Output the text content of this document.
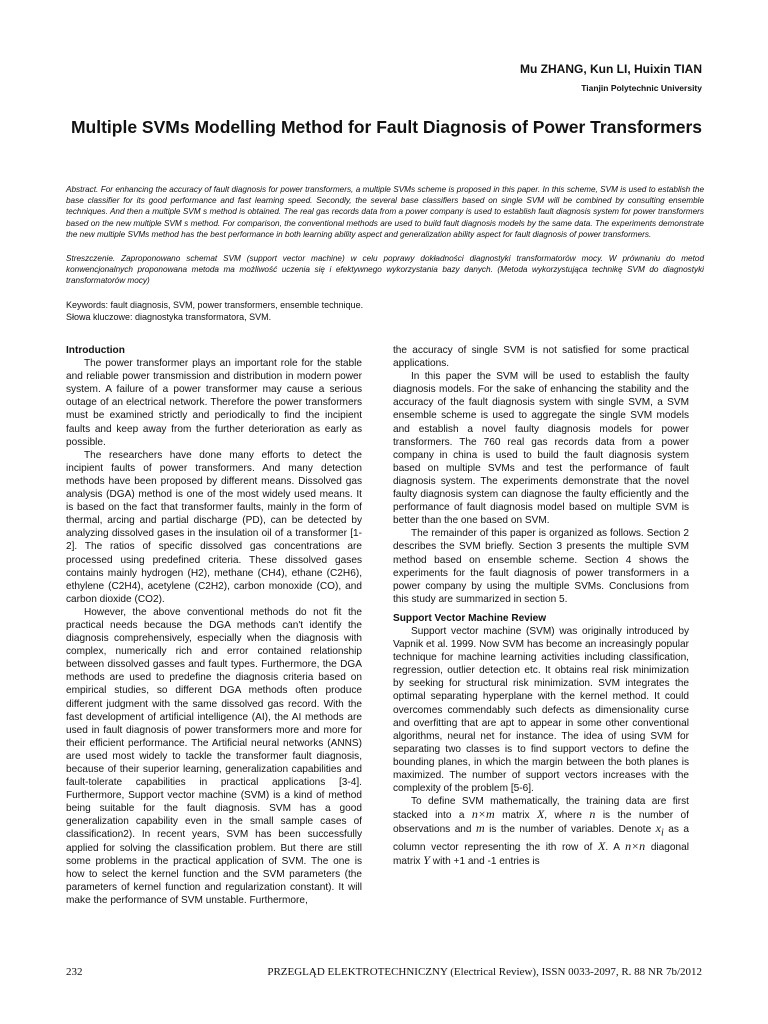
Mu ZHANG, Kun LI, Huixin TIAN
Tianjin Polytechnic University
Multiple SVMs Modelling Method for Fault Diagnosis of Power Transformers
Abstract. For enhancing the accuracy of fault diagnosis for power transformers, a multiple SVMs scheme is proposed in this paper. In this scheme, SVM is used to establish the base classifier for its good performance and fast learning speed. Secondly, the several base classifiers based on single SVM will be combined by consulting ensemble techniques. And then a multiple SVM s method is obtained. The real gas records data from a power company is used to establish fault diagnosis system for power transformers based on the new multiple SVM s method. For comparison, the conventional methods are used to build fault diagnosis models by the same data. The experiments demonstrate the new multiple SVMs method has the best performance in both learning ability aspect and generalization ability aspect for fault diagnosis of power transformers.
Streszczenie. Zaproponowano schemat SVM (support vector machine) w celu poprawy dokładności diagnostyki transformatorów mocy. W prównaniu do metod konwencjonalnych proponowana metoda ma możliwość uczenia się i efektywnego wykorzystania bazy danych. (Metoda wykorzystująca technikę SVM do diagnostyki transformatorów mocy)
Keywords: fault diagnosis, SVM, power transformers, ensemble technique.
Słowa kluczowe: diagnostyka transformatora, SVM.
Introduction

The power transformer plays an important role for the stable and reliable power transmission and distribution in modern power system. A failure of a power transformer may cause a serious outage of an electrical network. Therefore the power transformers must be examined strictly and periodically to find the incipient faults and keep away from the further deterioration as early as possible.

The researchers have done many efforts to detect the incipient faults of power transformers. And many detection methods have been proposed by different means. Dissolved gas analysis (DGA) method is one of the most widely used means. It is based on the fact that transformer faults, mainly in the form of thermal, arcing and partial discharge (PD), can be detected by analyzing dissolved gases in the insulation oil of a transformer [1-2]. The ratios of specific dissolved gas concentrations are processed using predefined criteria. These dissolved gases contains mainly hydrogen (H2), methane (CH4), ethane (C2H6), ethylene (C2H4), acetylene (C2H2), carbon monoxide (CO), and carbon dioxide (CO2).

However, the above conventional methods do not fit the practical needs because the DGA methods can't identify the diagnosis comprehensively, especially when the diagnosis with complex, numerically rich and error contained relationship between dissolved gasses and fault types. Furthermore, the DGA methods are used to predefine the diagnosis criteria based on empirical studies, so different DGA methods often produce different judgment with the same dissolved gas record. With the fast development of artificial intelligence (AI), the AI methods are used in fault diagnosis of power transformers more and more for their efficient performance. The Artificial neural networks (ANNS) are used most widely to tackle the transformer fault diagnosis, because of their superior learning, generalization capabilities and fault-tolerate capabilities in practical applications [3-4]. Furthermore, Support vector machine (SVM) is a kind of method being suitable for the fault diagnosis. SVM has a good generalization capability even in the small sample cases of classification2). In recent years, SVM has been successfully applied for solving the classification problem. But there are still some problems in the practical application of SVM. The one is how to select the kernel function and the SVM parameters (the parameters of kernel function and regularization constant). It will make the performance of SVM unstable. Furthermore,

the accuracy of single SVM is not satisfied for some practical applications.

In this paper the SVM will be used to establish the faulty diagnosis models. For the sake of enhancing the stability and the accuracy of the fault diagnosis system with single SVM, a SVM ensemble scheme is used to aggregate the single SVM models and establish a novel faulty diagnosis models for power transformers. The 760 real gas records data from a power company in china is used to build the fault diagnosis system based on multiple SVMs and test the performance of fault diagnosis system. The experiments demonstrate that the novel faulty diagnosis system can diagnose the faulty efficiently and the performance of fault diagnosis model based on multiple SVM is better than the one based on SVM.

The remainder of this paper is organized as follows. Section 2 describes the SVM briefly. Section 3 presents the multiple SVM method based on ensemble scheme. Section 4 shows the experiments for the fault diagnosis of power transformers in a power company by using the multiple SVMs. Conclusions from this study are summarized in section 5.

Support Vector Machine Review

Support vector machine (SVM) was originally introduced by Vapnik et al. 1999. Now SVM has become an increasingly popular technique for machine learning activities including classification, regression, outlier detection etc. It obtains real risk minimization by seeking for structural risk minimization. SVM integrates the optimal separating hyperplane with the kernel method. It could overcomes commendably such defects as dimensionality curse and overfitting that are apt to appear in some other conventional algorithms, neural net for instance. The idea of using SVM for separating two classes is to find support vectors to define the bounding planes, in which the margin between the both planes is maximized. The number of support vectors increases with the complexity of the problem [5-6].

To define SVM mathematically, the training data are first stacked into a n×m matrix X, where n is the number of observations and m is the number of variables. Denote $x_i$ as a column vector representing the ith row of X. A n×n diagonal matrix Y with +1 and -1 entries is

232	PRZEGLĄD ELEKTROTECHNICZNY (Electrical Review), ISSN 0033-2097, R. 88 NR 7b/2012
